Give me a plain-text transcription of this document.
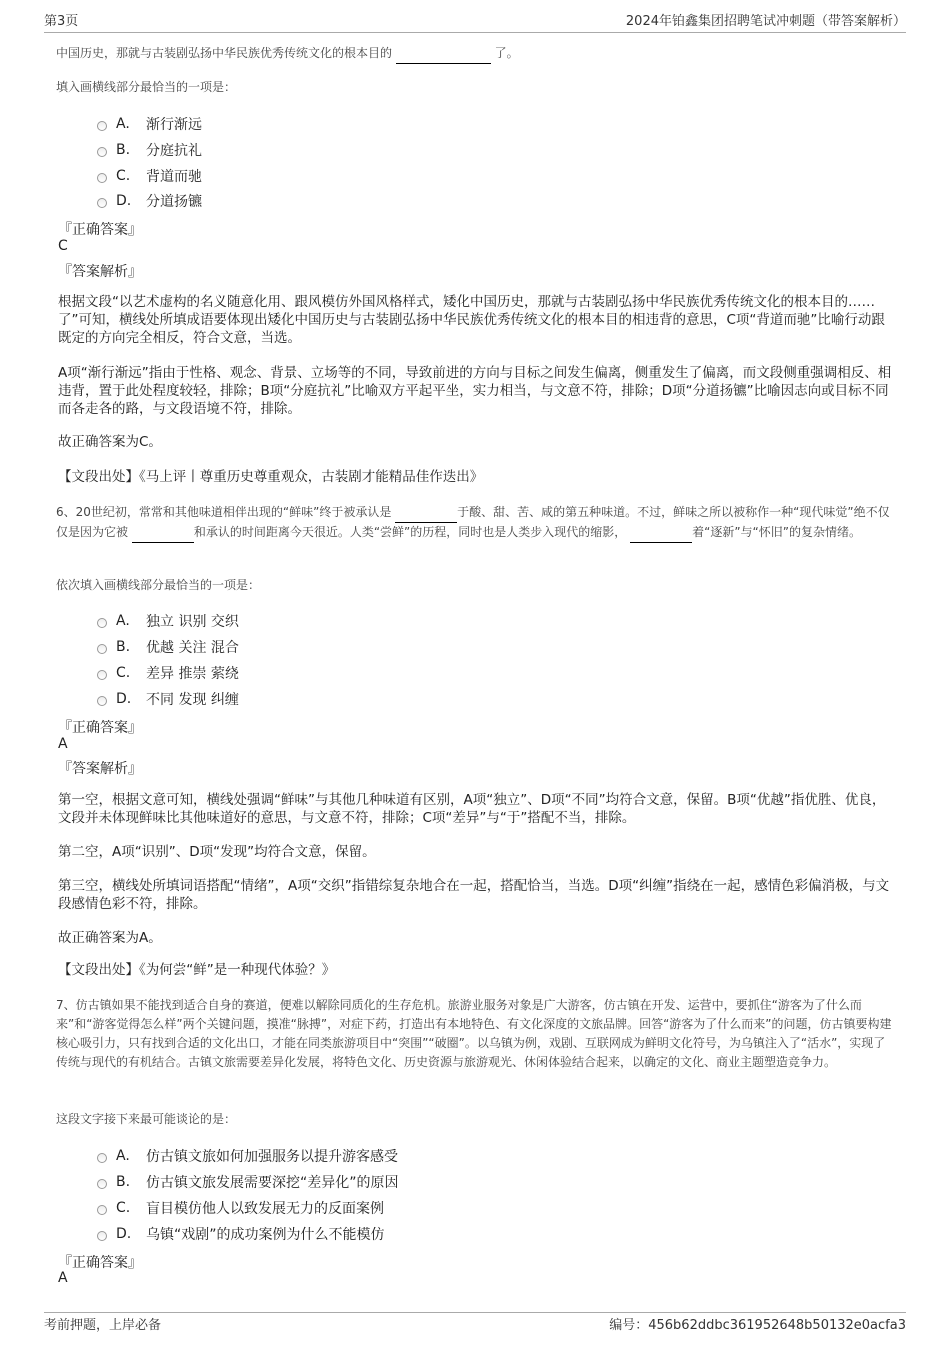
第3页	2024年铂鑫集团招聘笔试冲刺题（带答案解析）
中国历史，那就与古装剧弘扬中华民族优秀传统文化的根本目的	了。
填入画横线部分最恰当的一项是：
A.	渐行渐远
B.	分庭抗礼
C.	背道而驰
D.	分道扬镳
『正确答案』
C
『答案解析』
根据文段“以艺术虚构的名义随意化用、跟风模仿外国风格样式，矮化中国历史，那就与古装剧弘扬中华民族优秀传统文化的根本目的……了”可知，横线处所填成语要体现出矮化中国历史与古装剧弘扬中华民族优秀传统文化的根本目的相违背的意思，C项“背道而驰”比喻行动跟既定的方向完全相反，符合文意，当选。
A项“渐行渐远”指由于性格、观念、背景、立场等的不同，导致前进的方向与目标之间发生偏离，侧重发生了偏离，而文段侧重强调相反、相违背，置于此处程度较轻，排除；B项“分庭抗礼”比喻双方平起平坐，实力相当，与文意不符，排除；D项“分道扬镳”比喻因志向或目标不同而各走各的路，与文段语境不符，排除。
故正确答案为C。
【文段出处】《马上评丨尊重历史尊重观众，古装剧才能精品佳作迭出》
6、20世纪初，常常和其他味道相伴出现的“鲜味”终于被承认是	于酸、甜、苦、咸的第五种味道。不过，鲜味之所以被称作一种“现代味觉”绝不仅仅是因为它被	和承认的时间距离今天很近。人类“尝鲜”的历程，同时也是人类步入现代的缩影，	着“逐新”与“怀旧”的复杂情绪。
依次填入画横线部分最恰当的一项是：
A.	独立 识别 交织
B.	优越 关注 混合
C.	差异 推崇 萦绕
D.	不同 发现 纠缠
『正确答案』
A
『答案解析』
第一空，根据文意可知，横线处强调“鲜味”与其他几种味道有区别，A项“独立”、D项“不同”均符合文意，保留。B项“优越”指优胜、优良，文段并未体现鲜味比其他味道好的意思，与文意不符，排除；C项“差异”与“于”搭配不当，排除。
第二空，A项“识别”、D项“发现”均符合文意，保留。
第三空，横线处所填词语搭配“情绪”，A项“交织”指错综复杂地合在一起，搭配恰当，当选。D项“纠缠”指绕在一起，感情色彩偏消极，与文段感情色彩不符，排除。
故正确答案为A。
【文段出处】《为何尝“鲜”是一种现代体验？》
7、仿古镇如果不能找到适合自身的赛道，便难以解除同质化的生存危机。旅游业服务对象是广大游客，仿古镇在开发、运营中，要抓住“游客为了什么而来”和“游客觉得怎么样”两个关键问题，摸准“脉搏”，对症下药，打造出有本地特色、有文化深度的文旅品牌。回答“游客为了什么而来”的问题，仿古镇要构建核心吸引力，只有找到合适的文化出口，才能在同类旅游项目中“突围”“破圈”。以乌镇为例，戏剧、互联网成为鲜明文化符号，为乌镇注入了“活水”，实现了传统与现代的有机结合。古镇文旅需要差异化发展，将特色文化、历史资源与旅游观光、休闲体验结合起来，以确定的文化、商业主题塑造竞争力。
这段文字接下来最可能谈论的是：
A.	仿古镇文旅如何加强服务以提升游客感受
B.	仿古镇文旅发展需要深挖“差异化”的原因
C.	盲目模仿他人以致发展无力的反面案例
D.	乌镇“戏剧”的成功案例为什么不能模仿
『正确答案』
A
考前押题，上岸必备	编号：456b62ddbc361952648b50132e0acfa3
